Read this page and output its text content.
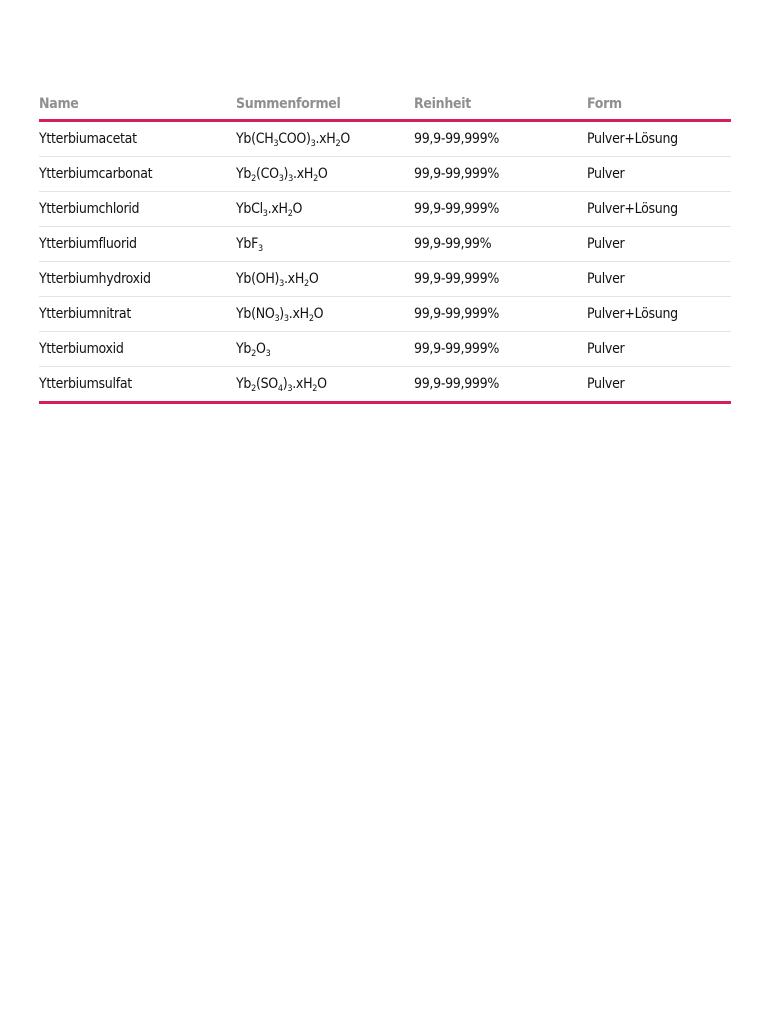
Name	Summenformel	Reinheit	Form
Ytterbiumacetat	$Yb(CH_3COO)_3.xH_2O$	99,9-99,999%	Pulver+Lösung
Ytterbiumcarbonat	$Yb_2(CO_3)_3.xH_2O$	99,9-99,999%	Pulver
Ytterbiumchlorid	$YbCl_3.xH_2O$	99,9-99,999%	Pulver+Lösung
Ytterbiumfluorid	YbF$_3$	99,9-99,99%	Pulver
Ytterbiumhydroxid	$Yb(OH)_3.xH_2O$	99,9-99,999%	Pulver
Ytterbiumnitrat	$Yb(NO_3)_3.xH_2O$	99,9-99,999%	Pulver+Lösung
Ytterbiumoxid	$Yb_2O_3$	99,9-99,999%	Pulver
Ytterbiumsulfat	$Yb_2(SO_4)_3.xH_2O$	99,9-99,999%	Pulver
